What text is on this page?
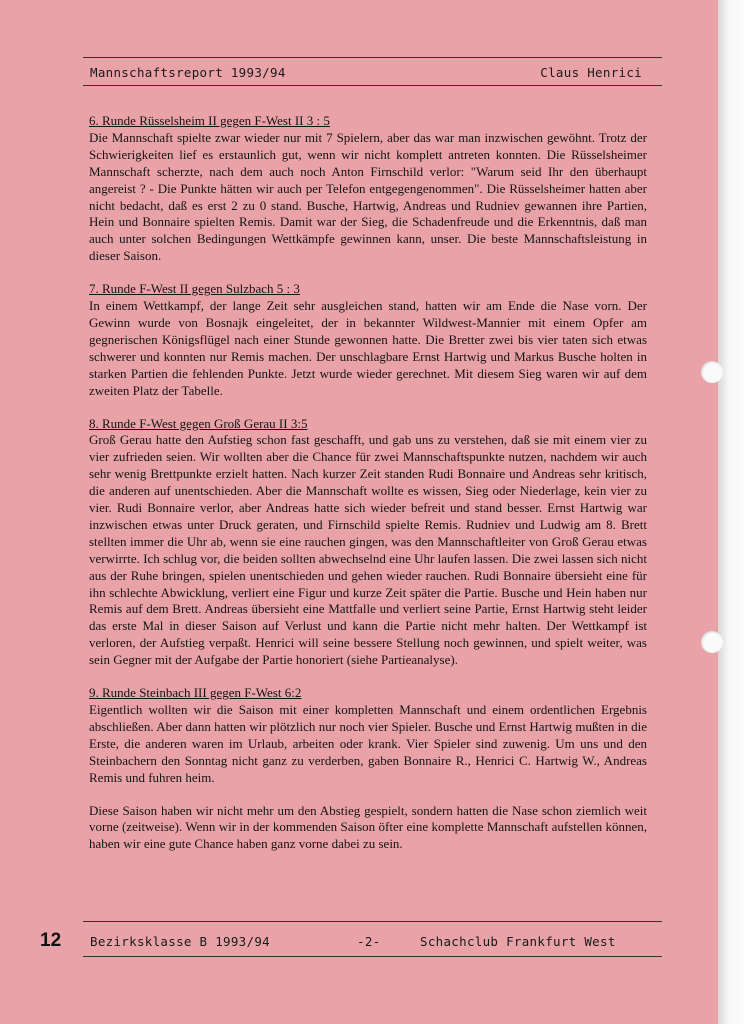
Mannschaftsreport 1993/94	Claus Henrici
6. Runde Rüsselsheim II gegen F-West II 3 : 5

Die Mannschaft spielte zwar wieder nur mit 7 Spielern, aber das war man inzwischen gewöhnt. Trotz der Schwierigkeiten lief es erstaunlich gut, wenn wir nicht komplett antreten konnten. Die Rüsselsheimer Mannschaft scherzte, nach dem auch noch Anton Firnschild verlor: "Warum seid Ihr den überhaupt angereist ? - Die Punkte hätten wir auch per Telefon entgegengenommen". Die Rüsselsheimer hatten aber nicht bedacht, daß es erst 2 zu 0 stand. Busche, Hartwig, Andreas und Rudniev gewannen ihre Partien, Hein und Bonnaire spielten Remis. Damit war der Sieg, die Schadenfreude und die Erkenntnis, daß man auch unter solchen Bedingungen Wettkämpfe gewinnen kann, unser. Die beste Mannschaftsleistung in dieser Saison.

7. Runde F-West II gegen Sulzbach 5 : 3

In einem Wettkampf, der lange Zeit sehr ausgleichen stand, hatten wir am Ende die Nase vorn. Der Gewinn wurde von Bosnajk eingeleitet, der in bekannter Wildwest-Mannier mit einem Opfer am gegnerischen Königsflügel nach einer Stunde gewonnen hatte. Die Bretter zwei bis vier taten sich etwas schwerer und konnten nur Remis machen. Der unschlagbare Ernst Hartwig und Markus Busche holten in starken Partien die fehlenden Punkte. Jetzt wurde wieder gerechnet. Mit diesem Sieg waren wir auf dem zweiten Platz der Tabelle.

8. Runde F-West gegen Groß Gerau II 3:5

Groß Gerau hatte den Aufstieg schon fast geschafft, und gab uns zu verstehen, daß sie mit einem vier zu vier zufrieden seien. Wir wollten aber die Chance für zwei Mannschaftspunkte nutzen, nachdem wir auch sehr wenig Brettpunkte erzielt hatten. Nach kurzer Zeit standen Rudi Bonnaire und Andreas sehr kritisch, die anderen auf unentschieden. Aber die Mannschaft wollte es wissen, Sieg oder Niederlage, kein vier zu vier. Rudi Bonnaire verlor, aber Andreas hatte sich wieder befreit und stand besser. Ernst Hartwig war inzwischen etwas unter Druck geraten, und Firnschild spielte Remis. Rudniev und Ludwig am 8. Brett stellten immer die Uhr ab, wenn sie eine rauchen gingen, was den Mannschaftleiter von Groß Gerau etwas verwirrte. Ich schlug vor, die beiden sollten abwechselnd eine Uhr laufen lassen. Die zwei lassen sich nicht aus der Ruhe bringen, spielen unentschieden und gehen wieder rauchen. Rudi Bonnaire übersieht eine für ihn schlechte Abwicklung, verliert eine Figur und kurze Zeit später die Partie. Busche und Hein haben nur Remis auf dem Brett. Andreas übersieht eine Mattfalle und verliert seine Partie, Ernst Hartwig steht leider das erste Mal in dieser Saison auf Verlust und kann die Partie nicht mehr halten. Der Wettkampf ist verloren, der Aufstieg verpaßt. Henrici will seine bessere Stellung noch gewinnen, und spielt weiter, was sein Gegner mit der Aufgabe der Partie honoriert (siehe Partieanalyse).

9. Runde Steinbach III gegen F-West 6:2

Eigentlich wollten wir die Saison mit einer kompletten Mannschaft und einem ordentlichen Ergebnis abschließen. Aber dann hatten wir plötzlich nur noch vier Spieler. Busche und Ernst Hartwig mußten in die Erste, die anderen waren im Urlaub, arbeiten oder krank. Vier Spieler sind zuwenig. Um uns und den Steinbachern den Sonntag nicht ganz zu verderben, gaben Bonnaire R., Henrici C. Hartwig W., Andreas Remis und fuhren heim.

Diese Saison haben wir nicht mehr um den Abstieg gespielt, sondern hatten die Nase schon ziemlich weit vorne (zeitweise). Wenn wir in der kommenden Saison öfter eine komplette Mannschaft aufstellen können, haben wir eine gute Chance haben ganz vorne dabei zu sein.

12 Bezirksklasse B 1993/94	-2-	Schachclub Frankfurt West
